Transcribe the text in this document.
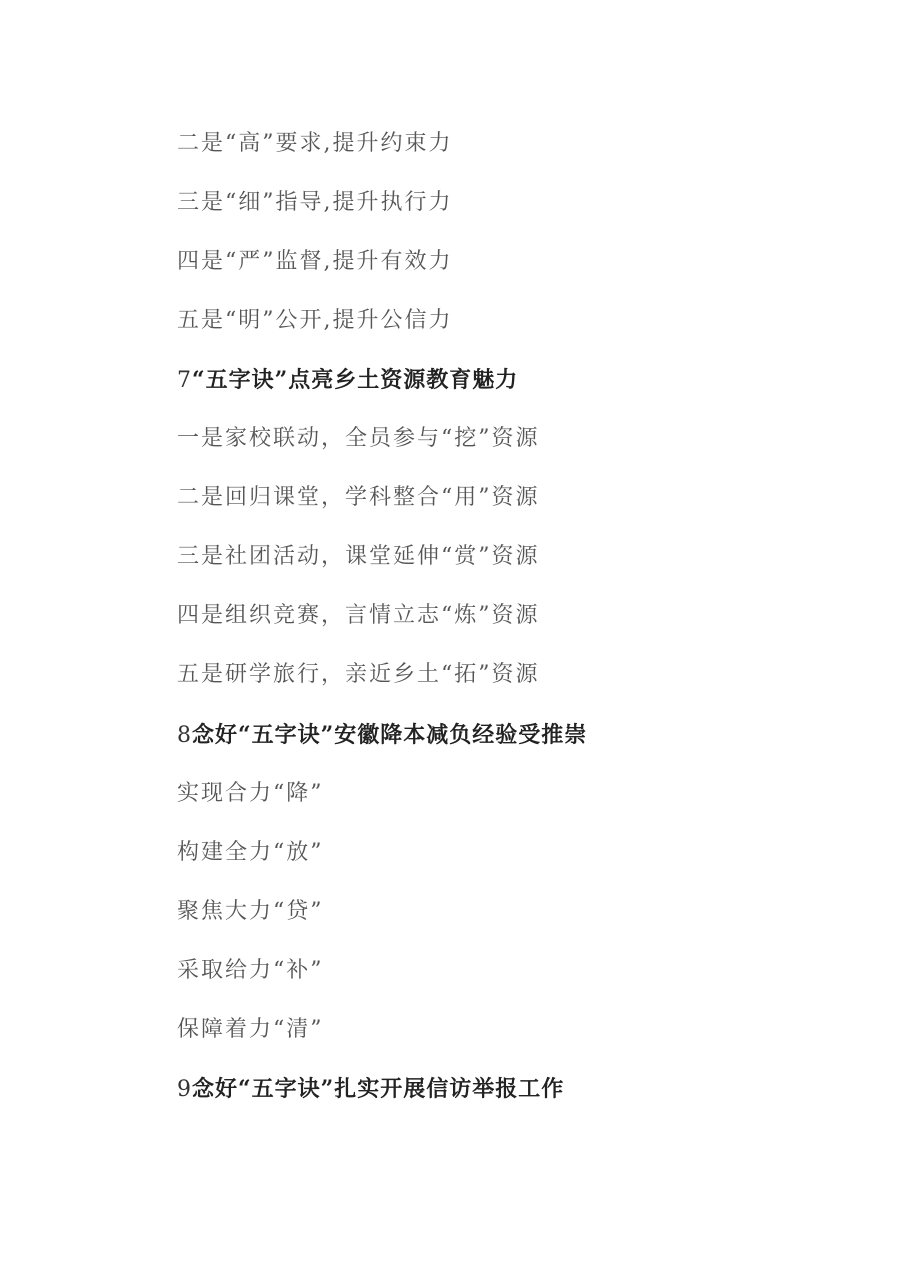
二是“高”要求,提升约束力
三是“细”指导,提升执行力
四是“严”监督,提升有效力
五是“明”公开,提升公信力
7“五字诀”点亮乡土资源教育魅力
一是家校联动，全员参与“挖”资源
二是回归课堂，学科整合“用”资源
三是社团活动，课堂延伸“赏”资源
四是组织竞赛，言情立志“炼”资源
五是研学旅行，亲近乡土“拓”资源
8念好“五字诀”安徽降本减负经验受推崇
实现合力“降”
构建全力“放”
聚焦大力“贷”
采取给力“补”
保障着力“清”
9念好“五字诀”扎实开展信访举报工作
